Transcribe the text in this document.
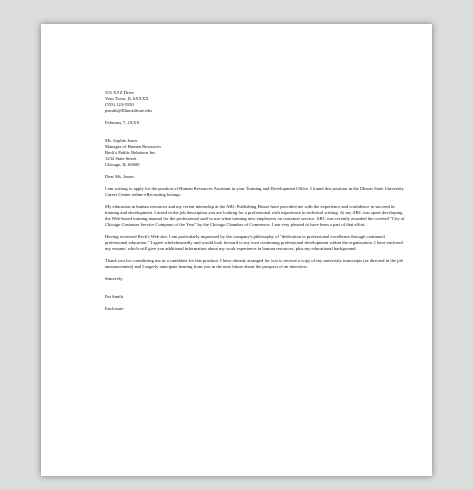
555 XYZ Drive
Your Town, IL 6XXXX
(555) 123-5550
psmith@IllinoisState.edu
February 7, 2XXX
Ms. Sophie Jones
Manager of Human Resources
Beck's Public Relations Inc.
1234 State Street
Chicago, IL 60600
Dear Ms. Jones:
I am writing to apply for the position of Human Resources Assistant in your Training and Development Office. I found this position in the Illinois State University Career Center online eRecruiting listings.
My education in human resources and my recent internship at the ABC Publishing House have provided me with the experience and confidence to succeed in training and development. I noted in the job description you are looking for a professional with experience in technical writing. At my ABC was spent developing the Web-based training manual for the professional staff to use when training new employees on customer service. ABC was recently awarded the coveted "City of Chicago Customer Service Company of the Year" by the Chicago Chamber of Commerce. I am very pleased to have been a part of that effort.
Having reviewed Beck's Web site, I am particularly impressed by the company's philosophy of "dedication to professional excellence through continued professional education." I agree wholeheartedly and would look forward to my own continuing professional development within the organization. I have enclosed my resume, which will give you additional information about my work experience in human resources, plus my educational background.
Thank you for considering me as a candidate for this position. I have already arranged for you to receive a copy of my university transcripts (as directed in the job announcement) and I eagerly anticipate hearing from you in the near future about the prospect of an interview.
Sincerely,
Pat Smith
Enclosure
